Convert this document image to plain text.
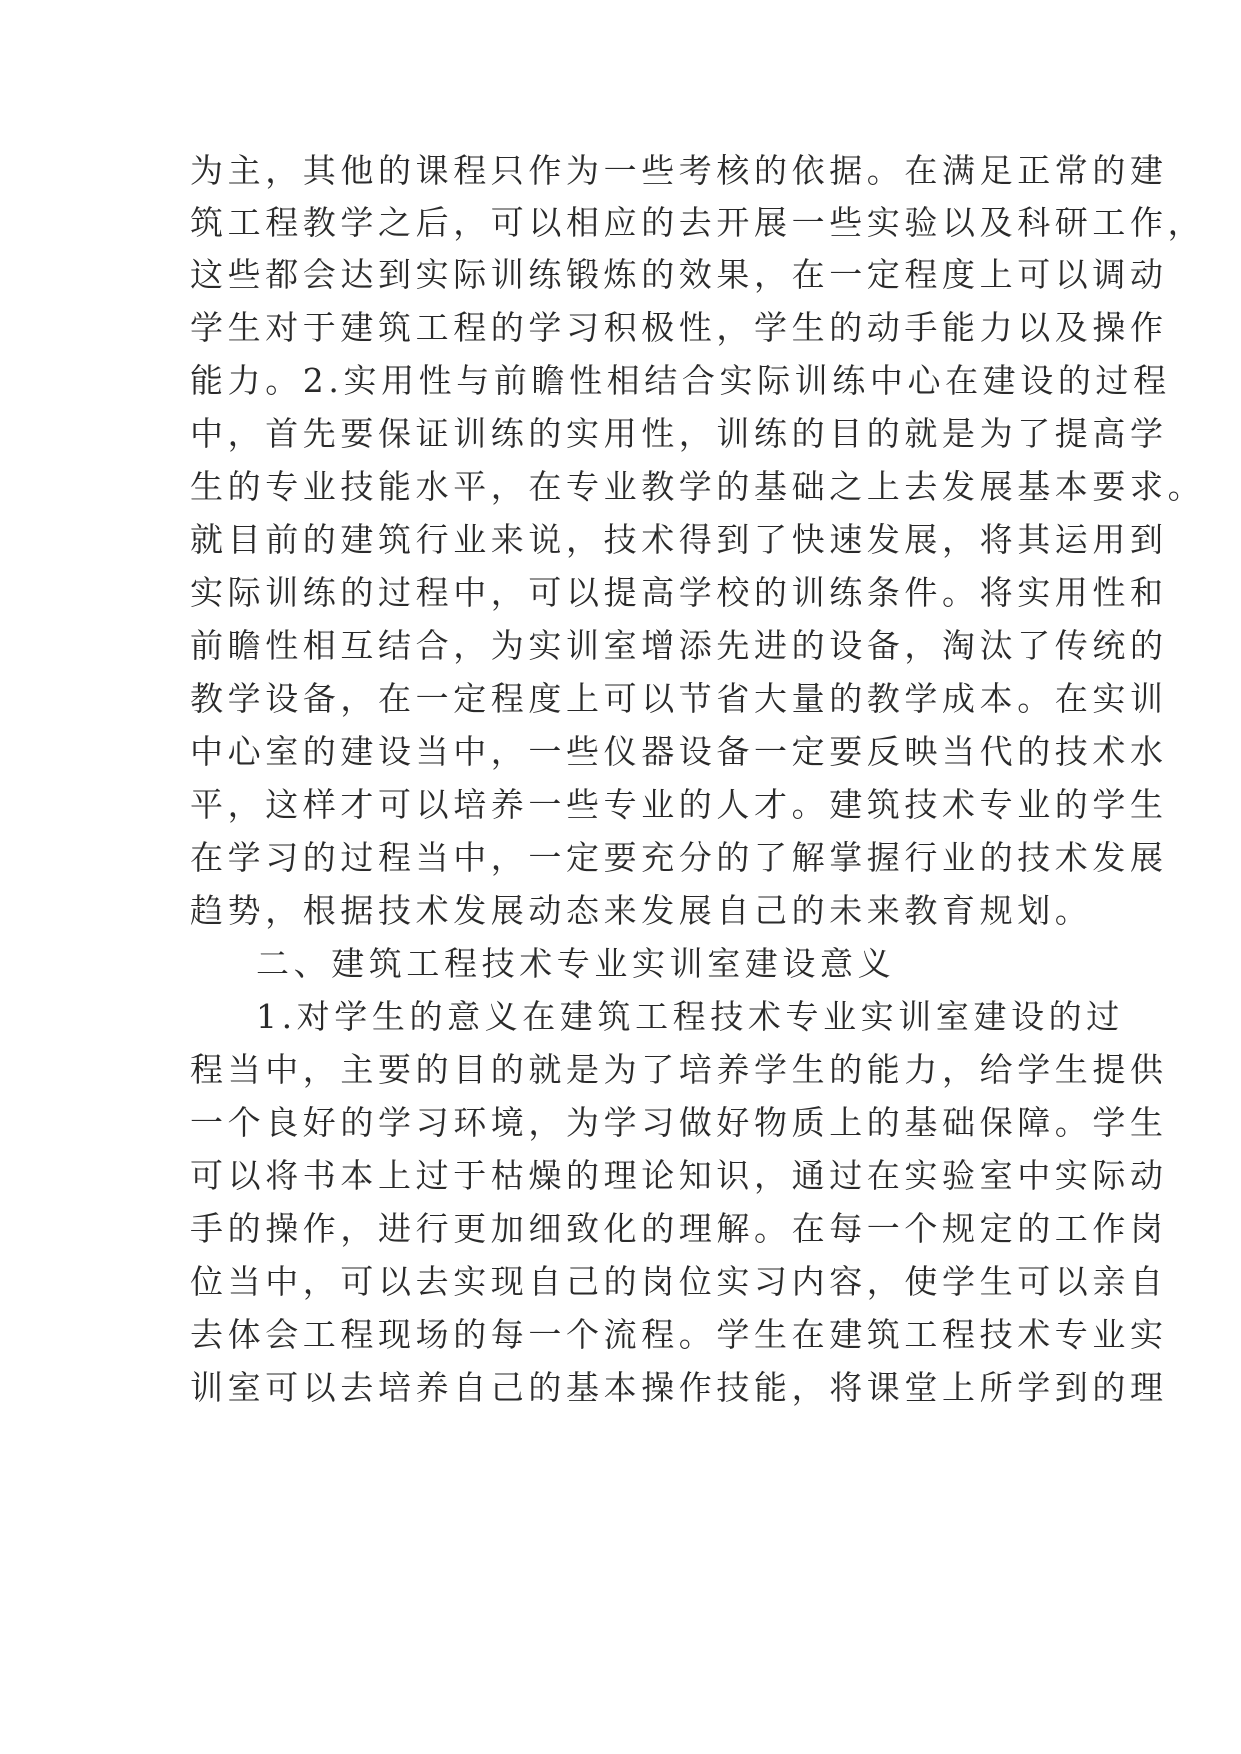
为主，其他的课程只作为一些考核的依据。在满足正常的建
筑工程教学之后，可以相应的去开展一些实验以及科研工作，
这些都会达到实际训练锻炼的效果，在一定程度上可以调动
学生对于建筑工程的学习积极性，学生的动手能力以及操作
能力。2.实用性与前瞻性相结合实际训练中心在建设的过程
中，首先要保证训练的实用性，训练的目的就是为了提高学
生的专业技能水平，在专业教学的基础之上去发展基本要求。
就目前的建筑行业来说，技术得到了快速发展，将其运用到
实际训练的过程中，可以提高学校的训练条件。将实用性和
前瞻性相互结合，为实训室增添先进的设备，淘汰了传统的
教学设备，在一定程度上可以节省大量的教学成本。在实训
中心室的建设当中，一些仪器设备一定要反映当代的技术水
平，这样才可以培养一些专业的人才。建筑技术专业的学生
在学习的过程当中，一定要充分的了解掌握行业的技术发展
趋势，根据技术发展动态来发展自己的未来教育规划。
二、建筑工程技术专业实训室建设意义
1.对学生的意义在建筑工程技术专业实训室建设的过
程当中，主要的目的就是为了培养学生的能力，给学生提供
一个良好的学习环境，为学习做好物质上的基础保障。学生
可以将书本上过于枯燥的理论知识，通过在实验室中实际动
手的操作，进行更加细致化的理解。在每一个规定的工作岗
位当中，可以去实现自己的岗位实习内容，使学生可以亲自
去体会工程现场的每一个流程。学生在建筑工程技术专业实
训室可以去培养自己的基本操作技能，将课堂上所学到的理
